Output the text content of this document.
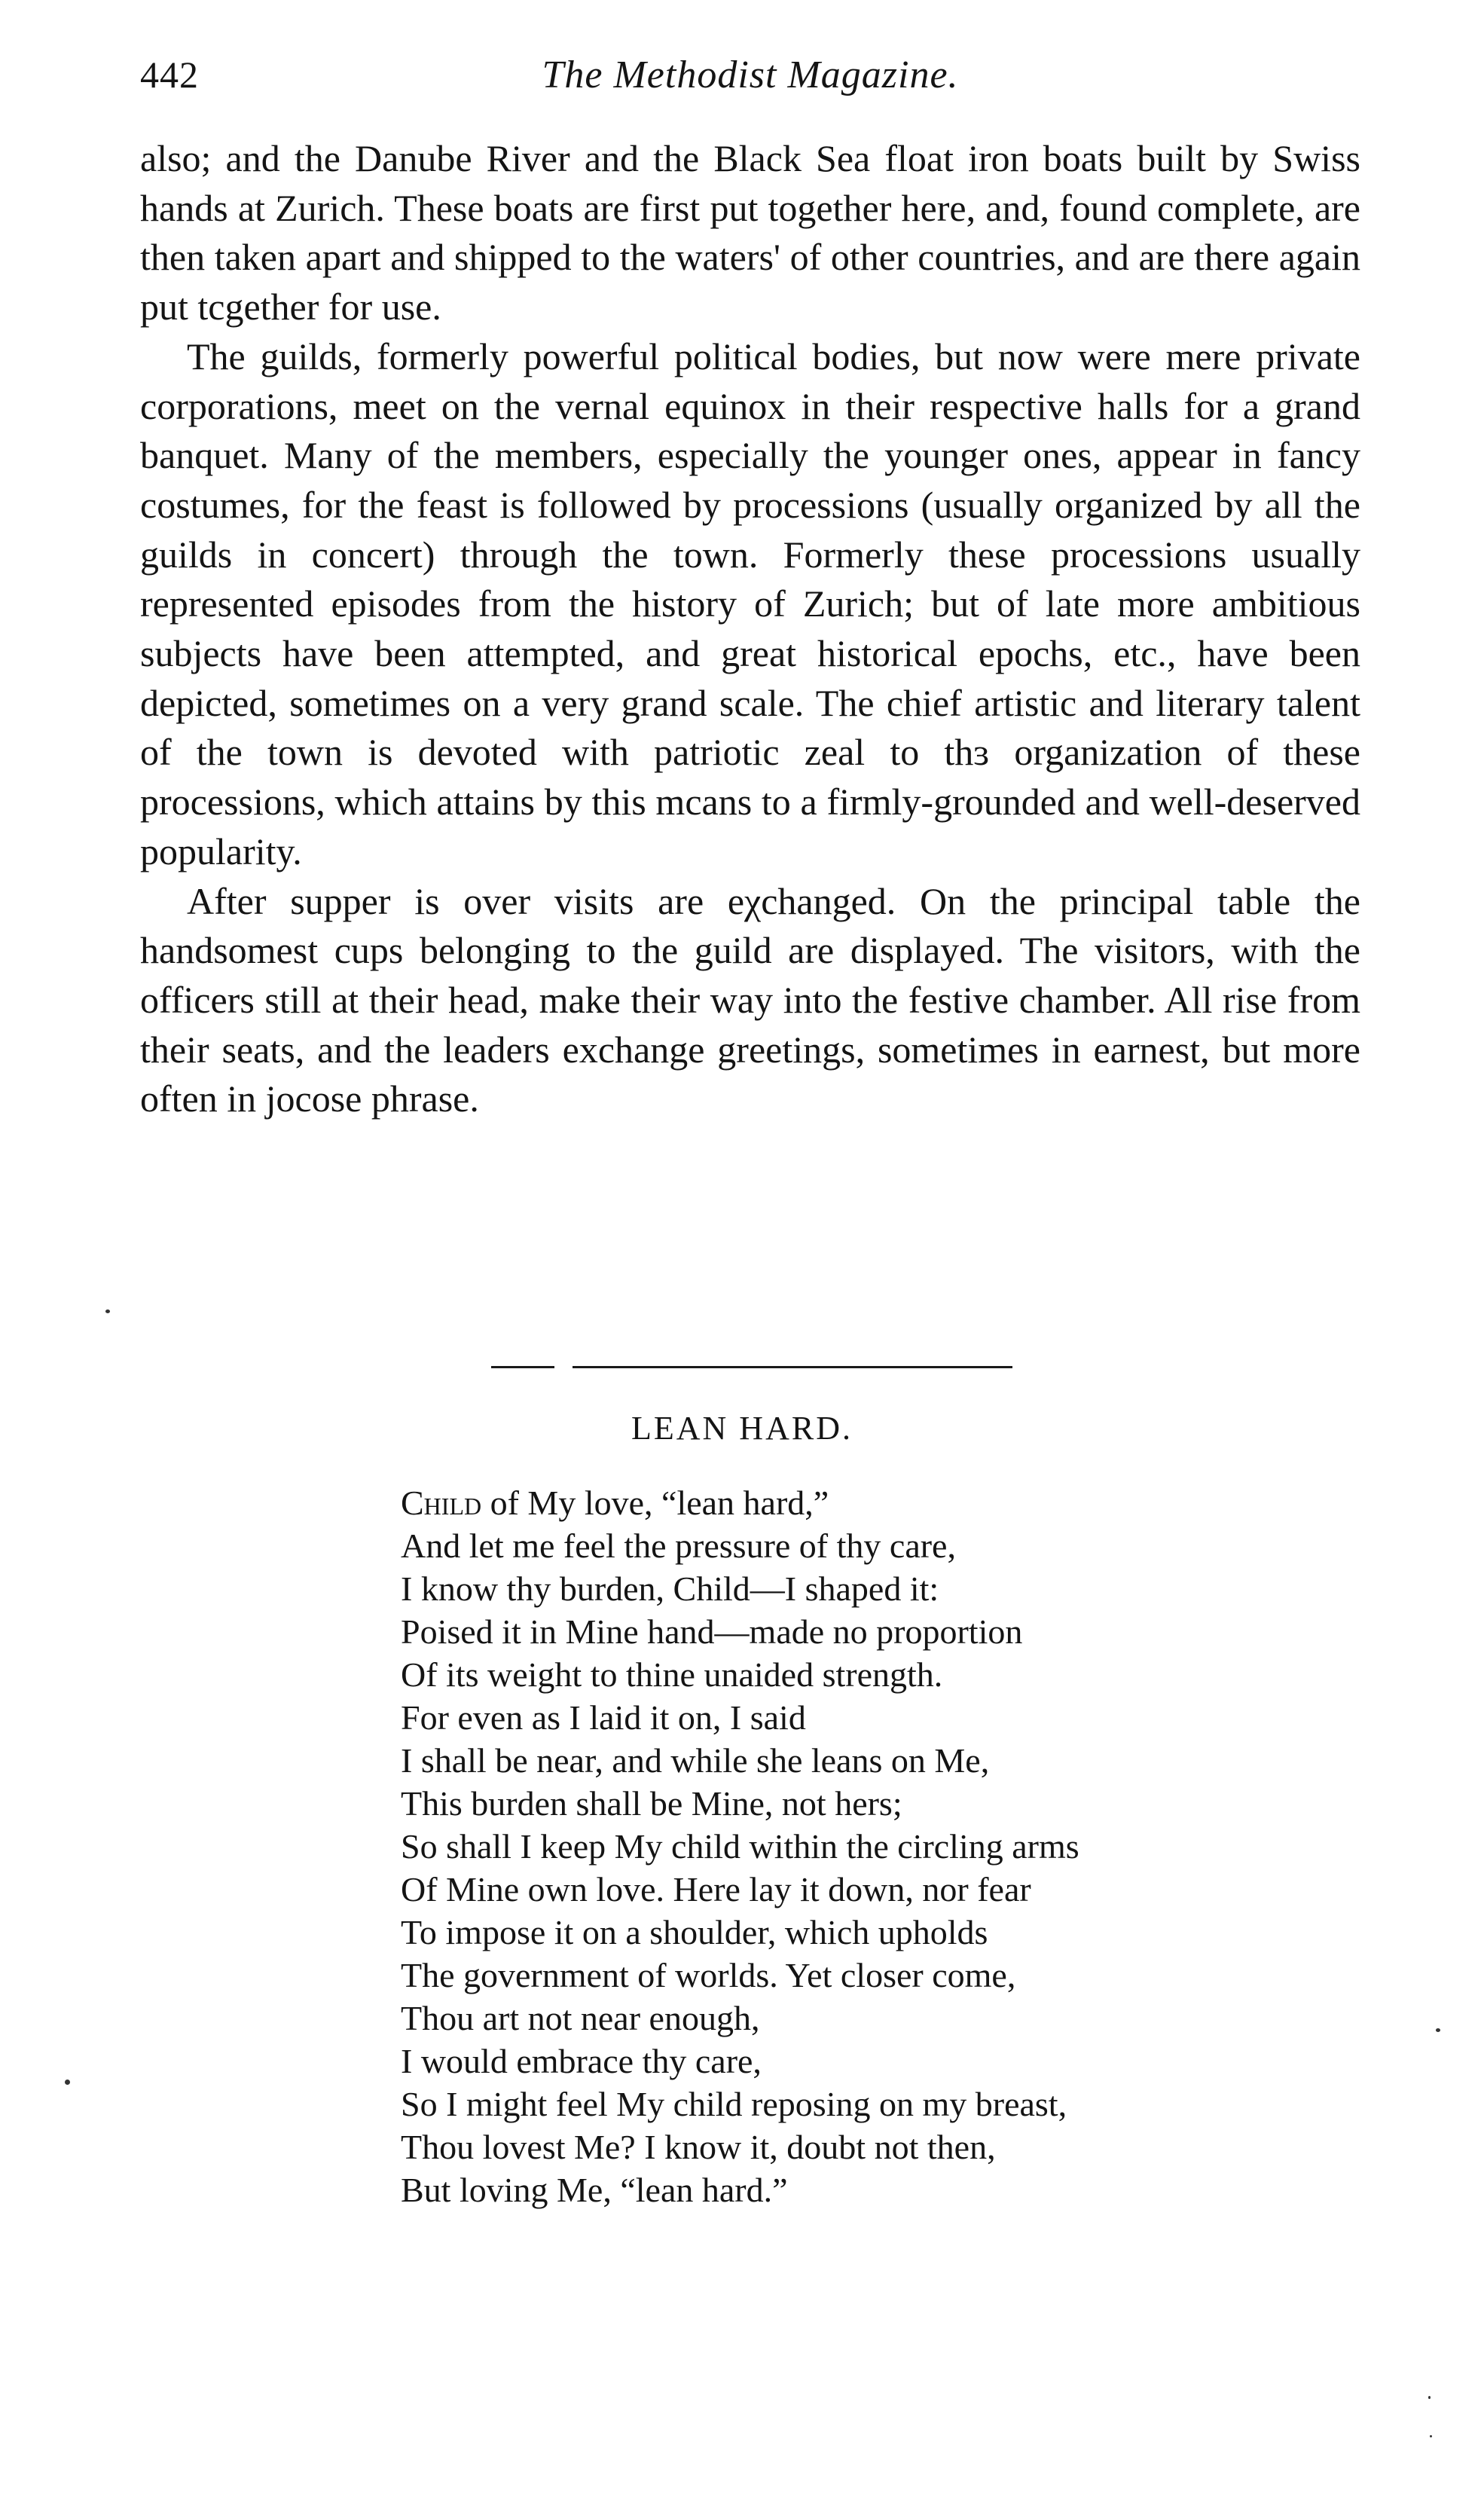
442	The Methodist Magazine.

also; and the Danube River and the Black Sea float iron boats built by Swiss hands at Zurich. These boats are first put together here, and, found complete, are then taken apart and shipped to the waters' of other countries, and are there again put tcgether for use.

The guilds, formerly powerful political bodies, but now were mere private corporations, meet on the vernal equinox in their respective halls for a grand banquet. Many of the members, especially the younger ones, appear in fancy costumes, for the feast is followed by processions (usually organized by all the guilds in concert) through the town. Formerly these processions usually represented episodes from the history of Zurich; but of late more ambitious subjects have been attempted, and great historical epochs, etc., have been depicted, sometimes on a very grand scale. The chief artistic and literary talent of the town is devoted with patriotic zeal to thɜ organization of these processions, which attains by this mcans to a firmly-grounded and well-deserved popularity.

After supper is over visits are eχchanged. On the principal table the handsomest cups belonging to the guild are displayed. The visitors, with the officers still at their head, make their way into the festive chamber. All rise from their seats, and the leaders exchange greetings, sometimes in earnest, but more often in jocose phrase.

LEAN HARD.
Child of My love, “lean hard,”
And let me feel the pressure of thy care,
I know thy burden, Child—I shaped it:
Poised it in Mine hand—made no proportion
Of its weight to thine unaided strength.
For even as I laid it on, I said
I shall be near, and while she leans on Me,
This burden shall be Mine, not hers;
So shall I keep My child within the circling arms
Of Mine own love. Here lay it down, nor fear
To impose it on a shoulder, which upholds
The government of worlds. Yet closer come,
Thou art not near enough,
I would embrace thy care,
So I might feel My child reposing on my breast,
Thou lovest Me? I know it, doubt not then,
But loving Me, “lean hard.”
